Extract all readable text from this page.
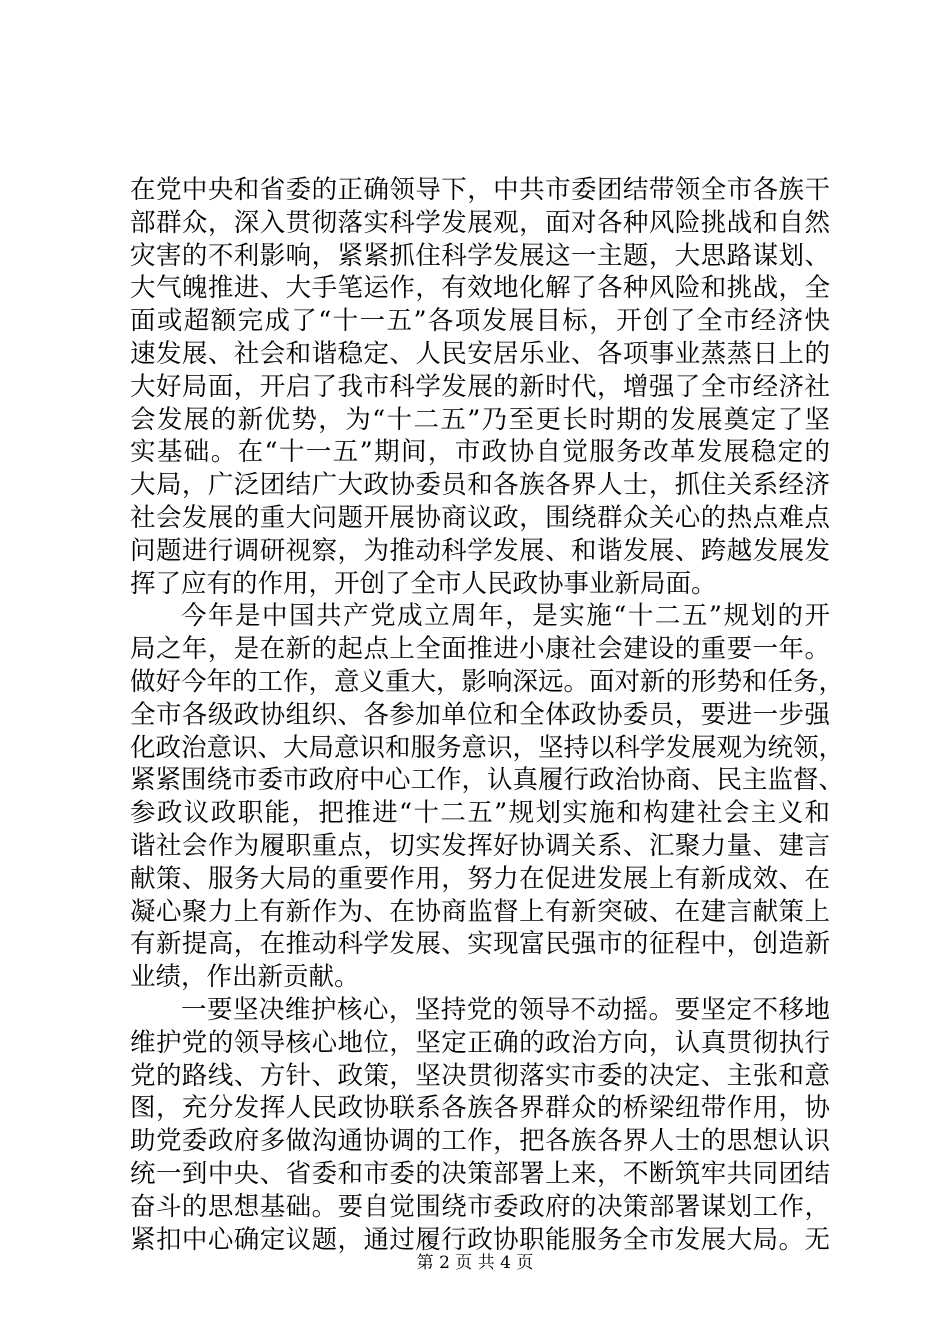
在党中央和省委的正确领导下，中共市委团结带领全市各族干
部群众，深入贯彻落实科学发展观，面对各种风险挑战和自然
灾害的不利影响，紧紧抓住科学发展这一主题，大思路谋划、
大气魄推进、大手笔运作，有效地化解了各种风险和挑战，全
面或超额完成了“十一五”各项发展目标，开创了全市经济快
速发展、社会和谐稳定、人民安居乐业、各项事业蒸蒸日上的
大好局面，开启了我市科学发展的新时代，增强了全市经济社
会发展的新优势，为“十二五”乃至更长时期的发展奠定了坚
实基础。在“十一五”期间，市政协自觉服务改革发展稳定的
大局，广泛团结广大政协委员和各族各界人士，抓住关系经济
社会发展的重大问题开展协商议政，围绕群众关心的热点难点
问题进行调研视察，为推动科学发展、和谐发展、跨越发展发
挥了应有的作用，开创了全市人民政协事业新局面。
今年是中国共产党成立周年，是实施“十二五”规划的开
局之年，是在新的起点上全面推进小康社会建设的重要一年。
做好今年的工作，意义重大，影响深远。面对新的形势和任务，
全市各级政协组织、各参加单位和全体政协委员，要进一步强
化政治意识、大局意识和服务意识，坚持以科学发展观为统领，
紧紧围绕市委市政府中心工作，认真履行政治协商、民主监督、
参政议政职能，把推进“十二五”规划实施和构建社会主义和
谐社会作为履职重点，切实发挥好协调关系、汇聚力量、建言
献策、服务大局的重要作用，努力在促进发展上有新成效、在
凝心聚力上有新作为、在协商监督上有新突破、在建言献策上
有新提高，在推动科学发展、实现富民强市的征程中，创造新
业绩，作出新贡献。
一要坚决维护核心，坚持党的领导不动摇。要坚定不移地
维护党的领导核心地位，坚定正确的政治方向，认真贯彻执行
党的路线、方针、政策，坚决贯彻落实市委的决定、主张和意
图，充分发挥人民政协联系各族各界群众的桥梁纽带作用，协
助党委政府多做沟通协调的工作，把各族各界人士的思想认识
统一到中央、省委和市委的决策部署上来，不断筑牢共同团结
奋斗的思想基础。要自觉围绕市委政府的决策部署谋划工作，
紧扣中心确定议题，通过履行政协职能服务全市发展大局。无
第 2 页 共 4 页
